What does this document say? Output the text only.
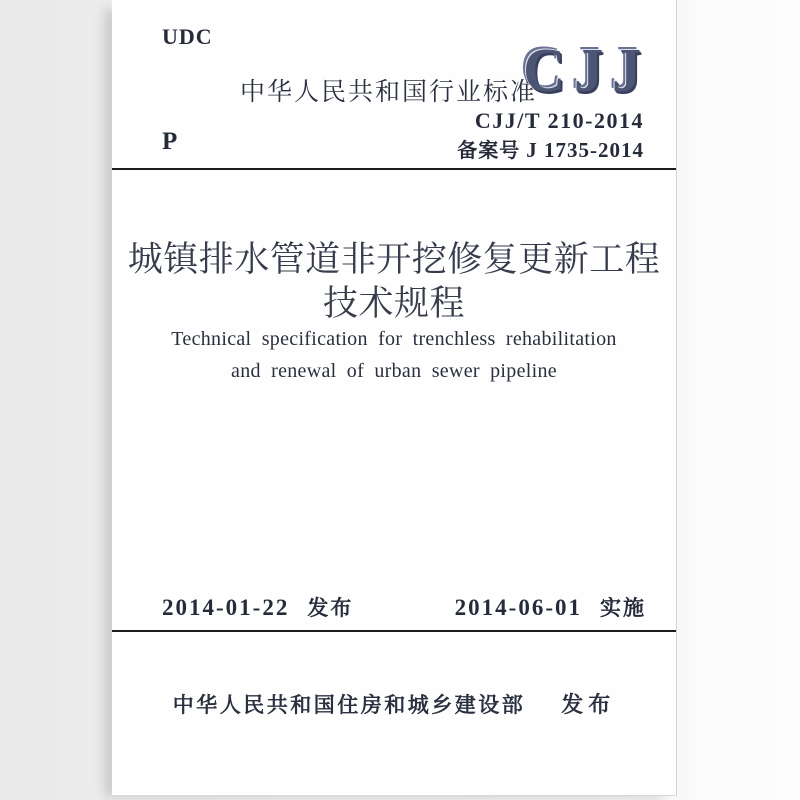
UDC
中华人民共和国行业标准
CJJ
CJJ/T 210-2014
备案号 J 1735-2014
P
城镇排水管道非开挖修复更新工程
技术规程
Technical specification for trenchless rehabilitation
and renewal of urban sewer pipeline
2014-01-22 发布	2014-06-01 实施
中华人民共和国住房和城乡建设部 发布
